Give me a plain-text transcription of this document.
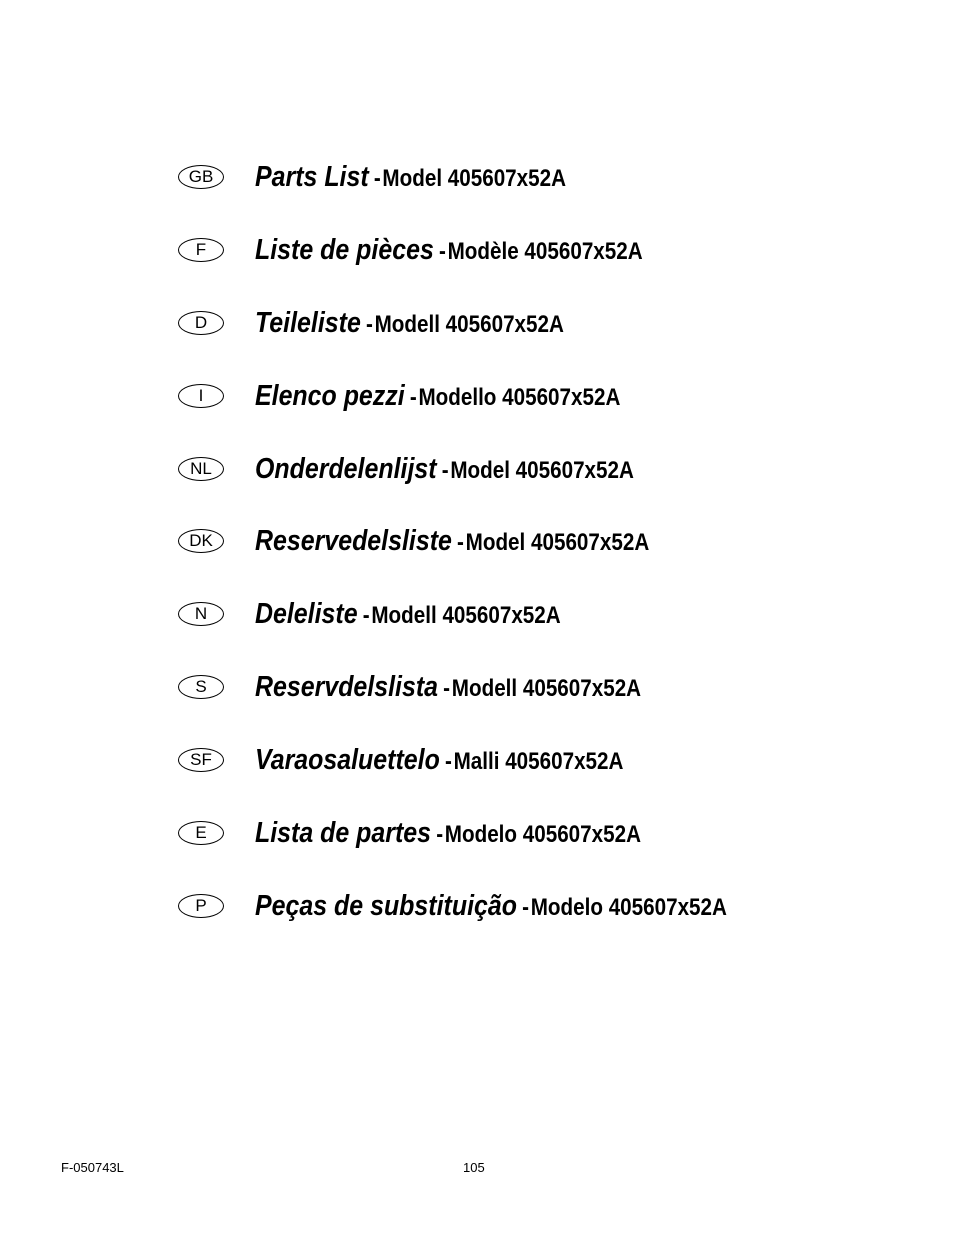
GB	Parts List -Model 405607x52A
F	Liste de pièces -Modèle 405607x52A
D	Teileliste -Modell 405607x52A
I	Elenco pezzi -Modello 405607x52A
NL	Onderdelenlijst -Model 405607x52A
DK	Reservedelsliste -Model 405607x52A
N	Deleliste -Modell 405607x52A
S	Reservdelslista -Modell 405607x52A
SF	Varaosaluettelo -Malli 405607x52A
E	Lista de partes -Modelo 405607x52A
P	Peças de substituição -Modelo 405607x52A
F-050743L	105
